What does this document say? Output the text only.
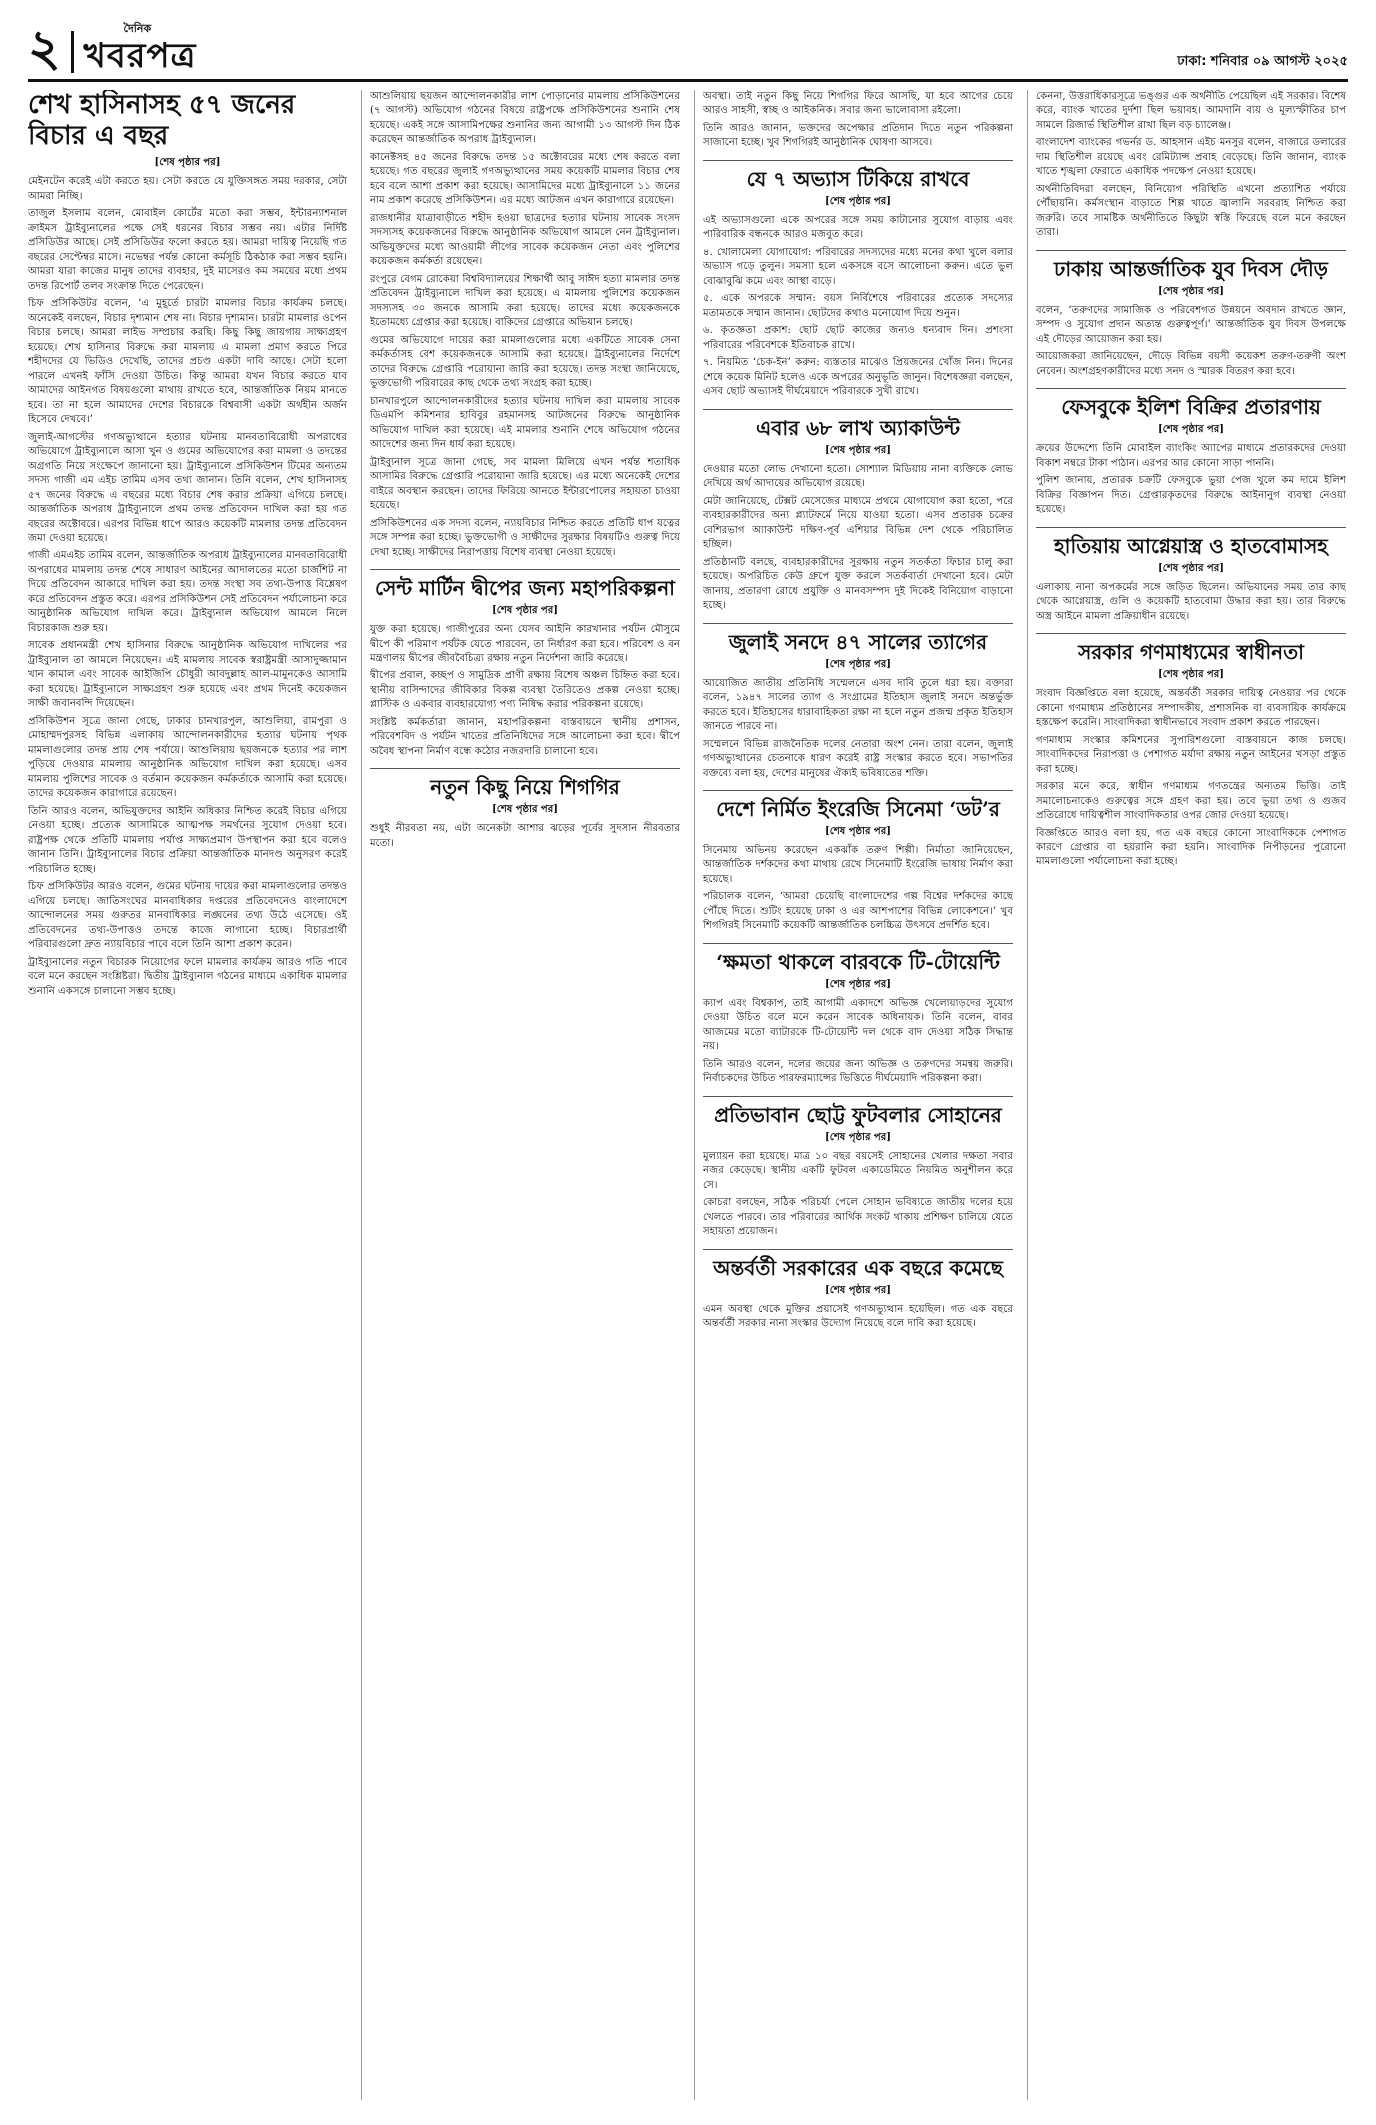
২	দৈনিক
খবরপত্র	ঢাকা: শনিবার ০৯ আগস্ট ২০২৫
শেখ হাসিনাসহ ৫৭ জনের বিচার এ বছর
[শেষ পৃষ্ঠার পর]

মেইনটেন করেই এটা করতে হয়। সেটা করতে যে যুক্তিসঙ্গত সময় দরকার, সেটা আমরা নিচ্ছি।

তাজুল ইসলাম বলেন, মোবাইল কোর্টের মতো করা সম্ভব, ইন্টারন্যাশনাল ক্রাইমস ট্রাইব্যুনালের পক্ষে সেই ধরনের বিচার সম্ভব নয়। এটার নির্দিষ্ট প্রসিডিউর আছে। সেই প্রসিডিউর ফলো করতে হয়। আমরা দায়িত্ব নিয়েছি গত বছরের সেপ্টেম্বর মাসে। নভেম্বর পর্যন্ত কোনো কর্মসূচি ঠিকঠাক করা সম্ভব হয়নি। আমরা যারা কাজের মানুষ তাদের ব্যবহার, দুই মাসেরও কম সময়ের মধ্যে প্রথম তদন্ত রিপোর্ট তলব সংক্রান্ত দিতে পেরেছেন।

চিফ প্রসিকিউটর বলেন, ‘এ মুহূর্তে চারটা মামলার বিচার কার্যক্রম চলছে। অনেকেই বলছেন, বিচার দৃশ্যমান শেষ না। বিচার দৃশ্যমান। চারটা মামলার ওপেন বিচার চলছে। আমরা লাইভ সম্প্রচার করছি। কিছু কিছু জায়গায় সাক্ষ্যগ্রহণ হয়েছে। শেখ হাসিনার বিরুদ্ধে করা মামলায় এ মামলা প্রমাণ করতে পিরে শহীদদের যে ভিডিও দেখেছি, তাদের প্রচণ্ড একটা দাবি আছে। সেটা হলো পারলে এখনই ফাঁসি দেওয়া উচিত। কিন্তু আমরা যখন বিচার করতে যাব আমাদের আইনগত বিষয়গুলো মাথায় রাখতে হবে, আন্তর্জাতিক নিয়ম মানতে হবে। তা না হলে আমাদের দেশের বিচারকে বিশ্ববাসী একটা অর্থহীন অর্জন হিসেবে দেখবে।’

জুলাই-আগস্টের গণঅভ্যুত্থানে হত্যার ঘটনায় মানবতাবিরোধী অপরাধের অভিযোগে ট্রাইব্যুনালে আসা খুন ও গুমের অভিযোগের করা মামলা ও তদন্তের অগ্রগতি নিয়ে সংক্ষেপে জানানো হয়। ট্রাইব্যুনালে প্রসিকিউশন টিমের অন্যতম সদস্য গাজী এম এইচ তামিম এসব তথ্য জানান। তিনি বলেন, শেখ হাসিনাসহ ৫৭ জনের বিরুদ্ধে এ বছরের মধ্যে বিচার শেষ করার প্রক্রিয়া এগিয়ে চলছে। আন্তর্জাতিক অপরাধ ট্রাইব্যুনালে প্রথম তদন্ত প্রতিবেদন দাখিল করা হয় গত বছরের অক্টোবরে। এরপর বিভিন্ন ধাপে আরও কয়েকটি মামলার তদন্ত প্রতিবেদন জমা দেওয়া হয়েছে।

গাজী এমএইচ তামিম বলেন, আন্তর্জাতিক অপরাধ ট্রাইব্যুনালের মানবতাবিরোধী অপরাধের মামলায় তদন্ত শেষে সাধারণ আইনের আদালতের মতো চার্জশিট না দিয়ে প্রতিবেদন আকারে দাখিল করা হয়। তদন্ত সংস্থা সব তথ্য-উপাত্ত বিশ্লেষণ করে প্রতিবেদন প্রস্তুত করে। এরপর প্রসিকিউশন সেই প্রতিবেদন পর্যালোচনা করে আনুষ্ঠানিক অভিযোগ দাখিল করে। ট্রাইব্যুনাল অভিযোগ আমলে নিলে বিচারকাজ শুরু হয়।

সাবেক প্রধানমন্ত্রী শেখ হাসিনার বিরুদ্ধে আনুষ্ঠানিক অভিযোগ দাখিলের পর ট্রাইব্যুনাল তা আমলে নিয়েছেন। এই মামলায় সাবেক স্বরাষ্ট্রমন্ত্রী আসাদুজ্জামান খান কামাল এবং সাবেক আইজিপি চৌধুরী আবদুল্লাহ আল-মামুনকেও আসামি করা হয়েছে। ট্রাইব্যুনালে সাক্ষ্যগ্রহণ শুরু হয়েছে এবং প্রথম দিনেই কয়েকজন সাক্ষী জবানবন্দি দিয়েছেন।

প্রসিকিউশন সূত্রে জানা গেছে, ঢাকার চানখারপুল, আশুলিয়া, রামপুরা ও মোহাম্মদপুরসহ বিভিন্ন এলাকায় আন্দোলনকারীদের হত্যার ঘটনায় পৃথক মামলাগুলোর তদন্ত প্রায় শেষ পর্যায়ে। আশুলিয়ায় ছয়জনকে হত্যার পর লাশ পুড়িয়ে দেওয়ার মামলায় আনুষ্ঠানিক অভিযোগ দাখিল করা হয়েছে। এসব মামলায় পুলিশের সাবেক ও বর্তমান কয়েকজন কর্মকর্তাকে আসামি করা হয়েছে। তাদের কয়েকজন কারাগারে রয়েছেন।

তিনি আরও বলেন, অভিযুক্তদের আইনি অধিকার নিশ্চিত করেই বিচার এগিয়ে নেওয়া হচ্ছে। প্রত্যেক আসামিকে আত্মপক্ষ সমর্থনের সুযোগ দেওয়া হবে। রাষ্ট্রপক্ষ থেকে প্রতিটি মামলায় পর্যাপ্ত সাক্ষ্যপ্রমাণ উপস্থাপন করা হবে বলেও জানান তিনি। ট্রাইব্যুনালের বিচার প্রক্রিয়া আন্তর্জাতিক মানদণ্ড অনুসরণ করেই পরিচালিত হচ্ছে।

চিফ প্রসিকিউটর আরও বলেন, গুমের ঘটনায় দায়ের করা মামলাগুলোর তদন্তও এগিয়ে চলছে। জাতিসংঘের মানবাধিকার দপ্তরের প্রতিবেদনেও বাংলাদেশে আন্দোলনের সময় গুরুতর মানবাধিকার লঙ্ঘনের তথ্য উঠে এসেছে। ওই প্রতিবেদনের তথ্য-উপাত্তও তদন্তে কাজে লাগানো হচ্ছে। বিচারপ্রার্থী পরিবারগুলো দ্রুত ন্যায়বিচার পাবে বলে তিনি আশা প্রকাশ করেন।

ট্রাইব্যুনালের নতুন বিচারক নিয়োগের ফলে মামলার কার্যক্রম আরও গতি পাবে বলে মনে করছেন সংশ্লিষ্টরা। দ্বিতীয় ট্রাইব্যুনাল গঠনের মাধ্যমে একাধিক মামলার শুনানি একসঙ্গে চালানো সম্ভব হচ্ছে।

আশুলিয়ায় ছয়জন আন্দোলনকারীর লাশ পোড়ানোর মামলায় প্রসিকিউশনের (৭ আগস্ট) অভিযোগ গঠনের বিষয়ে রাষ্ট্রপক্ষে প্রসিকিউশনের শুনানি শেষ হয়েছে। একই সঙ্গে আসামিপক্ষের শুনানির জন্য আগামী ১৩ আগস্ট দিন ঠিক করেছেন আন্তর্জাতিক অপরাধ ট্রাইব্যুনাল।

কানেক্টসহ ৪৫ জনের বিরুদ্ধে তদন্ত ১৫ অক্টোবরের মধ্যে শেষ করতে বলা হয়েছে। গত বছরের জুলাই গণঅভ্যুত্থানের সময় কয়েকটি মামলার বিচার শেষ হবে বলে আশা প্রকাশ করা হয়েছে। আসামিদের মধ্যে ট্রাইব্যুনালে ১১ জনের নাম প্রকাশ করেছে প্রসিকিউশন। এর মধ্যে আটজন এখন কারাগারে রয়েছেন।

রাজধানীর যাত্রাবাড়ীতে শহীদ হওয়া ছাত্রদের হত্যার ঘটনায় সাবেক সংসদ সদস্যসহ কয়েকজনের বিরুদ্ধে আনুষ্ঠানিক অভিযোগ আমলে নেন ট্রাইব্যুনাল। অভিযুক্তদের মধ্যে আওয়ামী লীগের সাবেক কয়েকজন নেতা এবং পুলিশের কয়েকজন কর্মকর্তা রয়েছেন।

রংপুরে বেগম রোকেয়া বিশ্ববিদ্যালয়ের শিক্ষার্থী আবু সাঈদ হত্যা মামলার তদন্ত প্রতিবেদন ট্রাইব্যুনালে দাখিল করা হয়েছে। এ মামলায় পুলিশের কয়েকজন সদস্যসহ ৩০ জনকে আসামি করা হয়েছে। তাদের মধ্যে কয়েকজনকে ইতোমধ্যে গ্রেপ্তার করা হয়েছে। বাকিদের গ্রেপ্তারে অভিযান চলছে।

গুমের অভিযোগে দায়ের করা মামলাগুলোর মধ্যে একটিতে সাবেক সেনা কর্মকর্তাসহ বেশ কয়েকজনকে আসামি করা হয়েছে। ট্রাইব্যুনালের নির্দেশে তাদের বিরুদ্ধে গ্রেপ্তারি পরোয়ানা জারি করা হয়েছে। তদন্ত সংস্থা জানিয়েছে, ভুক্তভোগী পরিবারের কাছ থেকে তথ্য সংগ্রহ করা হচ্ছে।

চানখারপুলে আন্দোলনকারীদের হত্যার ঘটনায় দাখিল করা মামলায় সাবেক ডিএমপি কমিশনার হাবিবুর রহমানসহ আটজনের বিরুদ্ধে আনুষ্ঠানিক অভিযোগ দাখিল করা হয়েছে। এই মামলার শুনানি শেষে অভিযোগ গঠনের আদেশের জন্য দিন ধার্য করা হয়েছে।

ট্রাইব্যুনাল সূত্রে জানা গেছে, সব মামলা মিলিয়ে এখন পর্যন্ত শতাধিক আসামির বিরুদ্ধে গ্রেপ্তারি পরোয়ানা জারি হয়েছে। এর মধ্যে অনেকেই দেশের বাইরে অবস্থান করছেন। তাদের ফিরিয়ে আনতে ইন্টারপোলের সহায়তা চাওয়া হয়েছে।

প্রসিকিউশনের এক সদস্য বলেন, ন্যায়বিচার নিশ্চিত করতে প্রতিটি ধাপ যত্নের সঙ্গে সম্পন্ন করা হচ্ছে। ভুক্তভোগী ও সাক্ষীদের সুরক্ষার বিষয়টিও গুরুত্ব দিয়ে দেখা হচ্ছে। সাক্ষীদের নিরাপত্তায় বিশেষ ব্যবস্থা নেওয়া হয়েছে।

সেন্ট মার্টিন দ্বীপের জন্য মহাপরিকল্পনা
[শেষ পৃষ্ঠার পর]

যুক্ত করা হয়েছে। গাজীপুরের অন্য যেসব আইনি কারখানার পর্যটন মৌসুমে দ্বীপে কী পরিমাণ পর্যটক যেতে পারবেন, তা নির্ধারণ করা হবে। পরিবেশ ও বন মন্ত্রণালয় দ্বীপের জীববৈচিত্র্য রক্ষায় নতুন নির্দেশনা জারি করেছে।

দ্বীপের প্রবাল, কচ্ছপ ও সামুদ্রিক প্রাণী রক্ষায় বিশেষ অঞ্চল চিহ্নিত করা হবে। স্থানীয় বাসিন্দাদের জীবিকার বিকল্প ব্যবস্থা তৈরিতেও প্রকল্প নেওয়া হচ্ছে। প্লাস্টিক ও একবার ব্যবহারযোগ্য পণ্য নিষিদ্ধ করার পরিকল্পনা রয়েছে।

সংশ্লিষ্ট কর্মকর্তারা জানান, মহাপরিকল্পনা বাস্তবায়নে স্থানীয় প্রশাসন, পরিবেশবিদ ও পর্যটন খাতের প্রতিনিধিদের সঙ্গে আলোচনা করা হবে। দ্বীপে অবৈধ স্থাপনা নির্মাণ বন্ধে কঠোর নজরদারি চালানো হবে।

নতুন কিছু নিয়ে শিগগির
[শেষ পৃষ্ঠার পর]

শুধুই নীরবতা নয়, এটা অনেকটা আশার ঝড়ের পূর্বের সুদসান নীরবতার মতো।

অবস্থা। তাই নতুন কিছু নিয়ে শিগগির ফিরে আসছি, যা হবে আগের চেয়ে আরও সাহসী, স্বচ্ছ ও আইকনিক। সবার জন্য ভালোবাসা রইলো।

তিনি আরও জানান, ভক্তদের অপেক্ষার প্রতিদান দিতে নতুন পরিকল্পনা সাজানো হচ্ছে। খুব শিগগিরই আনুষ্ঠানিক ঘোষণা আসবে।

যে ৭ অভ্যাস টিকিয়ে রাখবে
[শেষ পৃষ্ঠার পর]

এই অভ্যাসগুলো একে অপরের সঙ্গে সময় কাটানোর সুযোগ বাড়ায় এবং পারিবারিক বন্ধনকে আরও মজবুত করে।

৪. খোলামেলা যোগাযোগ: পরিবারের সদস্যদের মধ্যে মনের কথা খুলে বলার অভ্যাস গড়ে তুলুন। সমস্যা হলে একসঙ্গে বসে আলোচনা করুন। এতে ভুল বোঝাবুঝি কমে এবং আস্থা বাড়ে।

৫. একে অপরকে সম্মান: বয়স নির্বিশেষে পরিবারের প্রত্যেক সদস্যের মতামতকে সম্মান জানান। ছোটদের কথাও মনোযোগ দিয়ে শুনুন।

৬. কৃতজ্ঞতা প্রকাশ: ছোট ছোট কাজের জন্যও ধন্যবাদ দিন। প্রশংসা পরিবারের পরিবেশকে ইতিবাচক রাখে।

৭. নিয়মিত ‘চেক-ইন’ করুন: ব্যস্ততার মাঝেও প্রিয়জনের খোঁজ নিন। দিনের শেষে কয়েক মিনিট হলেও একে অপরের অনুভূতি জানুন। বিশেষজ্ঞরা বলছেন, এসব ছোট অভ্যাসই দীর্ঘমেয়াদে পরিবারকে সুখী রাখে।

এবার ৬৮ লাখ অ্যাকাউন্ট
[শেষ পৃষ্ঠার পর]

দেওয়ার মতো লোভ দেখানো হতো। সোশ্যাল মিডিয়ায় নানা ব্যক্তিকে লোভ দেখিয়ে অর্থ আদায়ের অভিযোগ রয়েছে।

মেটা জানিয়েছে, টেক্সট মেসেজের মাধ্যমে প্রথমে যোগাযোগ করা হতো, পরে ব্যবহারকারীদের অন্য প্ল্যাটফর্মে নিয়ে যাওয়া হতো। এসব প্রতারক চক্রের বেশিরভাগ অ্যাকাউন্ট দক্ষিণ-পূর্ব এশিয়ার বিভিন্ন দেশ থেকে পরিচালিত হচ্ছিল।

প্রতিষ্ঠানটি বলছে, ব্যবহারকারীদের সুরক্ষায় নতুন সতর্কতা ফিচার চালু করা হয়েছে। অপরিচিত কেউ গ্রুপে যুক্ত করলে সতর্কবার্তা দেখানো হবে। মেটা জানায়, প্রতারণা রোধে প্রযুক্তি ও মানবসম্পদ দুই দিকেই বিনিয়োগ বাড়ানো হচ্ছে।

জুলাই সনদে ৪৭ সালের ত্যাগের
[শেষ পৃষ্ঠার পর]

আয়োজিত জাতীয় প্রতিনিধি সম্মেলনে এসব দাবি তুলে ধরা হয়। বক্তারা বলেন, ১৯৪৭ সালের ত্যাগ ও সংগ্রামের ইতিহাস জুলাই সনদে অন্তর্ভুক্ত করতে হবে। ইতিহাসের ধারাবাহিকতা রক্ষা না হলে নতুন প্রজন্ম প্রকৃত ইতিহাস জানতে পারবে না।

সম্মেলনে বিভিন্ন রাজনৈতিক দলের নেতারা অংশ নেন। তারা বলেন, জুলাই গণঅভ্যুত্থানের চেতনাকে ধারণ করেই রাষ্ট্র সংস্কার করতে হবে। সভাপতির বক্তব্যে বলা হয়, দেশের মানুষের ঐক্যই ভবিষ্যতের শক্তি।

দেশে নির্মিত ইংরেজি সিনেমা ‘ডট’র
[শেষ পৃষ্ঠার পর]

সিনেমায় অভিনয় করেছেন একঝাঁক তরুণ শিল্পী। নির্মাতা জানিয়েছেন, আন্তর্জাতিক দর্শকদের কথা মাথায় রেখে সিনেমাটি ইংরেজি ভাষায় নির্মাণ করা হয়েছে।

পরিচালক বলেন, ‘আমরা চেয়েছি বাংলাদেশের গল্প বিশ্বের দর্শকদের কাছে পৌঁছে দিতে। শুটিং হয়েছে ঢাকা ও এর আশপাশের বিভিন্ন লোকেশনে।’ খুব শিগগিরই সিনেমাটি কয়েকটি আন্তর্জাতিক চলচ্চিত্র উৎসবে প্রদর্শিত হবে।

‘ক্ষমতা থাকলে বারবকে টি-টোয়েন্টি
[শেষ পৃষ্ঠার পর]

ক্যাপ এবং বিশ্বকাপ, তাই আগামী একাদশে অভিজ্ঞ খেলোয়াড়দের সুযোগ দেওয়া উচিত বলে মনে করেন সাবেক অধিনায়ক। তিনি বলেন, বাবর আজমের মতো ব্যাটারকে টি-টোয়েন্টি দল থেকে বাদ দেওয়া সঠিক সিদ্ধান্ত নয়।

তিনি আরও বলেন, দলের জয়ের জন্য অভিজ্ঞ ও তরুণদের সমন্বয় জরুরি। নির্বাচকদের উচিত পারফরম্যান্সের ভিত্তিতে দীর্ঘমেয়াদি পরিকল্পনা করা।

প্রতিভাবান ছোট্ট ফুটবলার সোহানের
[শেষ পৃষ্ঠার পর]

মুল্যায়ন করা হয়েছে। মাত্র ১০ বছর বয়সেই সোহানের খেলার দক্ষতা সবার নজর কেড়েছে। স্থানীয় একটি ফুটবল একাডেমিতে নিয়মিত অনুশীলন করে সে।

কোচরা বলছেন, সঠিক পরিচর্যা পেলে সোহান ভবিষ্যতে জাতীয় দলের হয়ে খেলতে পারবে। তার পরিবারের আর্থিক সংকট থাকায় প্রশিক্ষণ চালিয়ে যেতে সহায়তা প্রয়োজন।

অন্তর্বর্তী সরকারের এক বছরে কমেছে
[শেষ পৃষ্ঠার পর]

এমন অবস্থা থেকে মুক্তির প্রয়াসেই গণঅভ্যুত্থান হয়েছিল। গত এক বছরে অন্তর্বর্তী সরকার নানা সংস্কার উদ্যোগ নিয়েছে বলে দাবি করা হয়েছে।

কেননা, উত্তরাধিকারসূত্রে ভঙ্গুর এক অর্থনীতি পেয়েছিল এই সরকার। বিশেষ করে, ব্যাংক খাতের দুর্দশা ছিল ভয়াবহ। আমদানি ব্যয় ও মূল্যস্ফীতির চাপ সামলে রিজার্ভ স্থিতিশীল রাখা ছিল বড় চ্যালেঞ্জ।

বাংলাদেশ ব্যাংকের গভর্নর ড. আহসান এইচ মনসুর বলেন, বাজারে ডলারের দাম স্থিতিশীল রয়েছে এবং রেমিট্যান্স প্রবাহ বেড়েছে। তিনি জানান, ব্যাংক খাতে শৃঙ্খলা ফেরাতে একাধিক পদক্ষেপ নেওয়া হয়েছে।

অর্থনীতিবিদরা বলছেন, বিনিয়োগ পরিস্থিতি এখনো প্রত্যাশিত পর্যায়ে পৌঁছায়নি। কর্মসংস্থান বাড়াতে শিল্প খাতে জ্বালানি সরবরাহ নিশ্চিত করা জরুরি। তবে সামষ্টিক অর্থনীতিতে কিছুটা স্বস্তি ফিরেছে বলে মনে করছেন তারা।

ঢাকায় আন্তর্জাতিক যুব দিবস দৌড়
[শেষ পৃষ্ঠার পর]

বলেন, ‘তরুণদের সামাজিক ও পরিবেশগত উন্নয়নে অবদান রাখতে জ্ঞান, সম্পদ ও সুযোগ প্রদান অত্যন্ত গুরুত্বপূর্ণ।’ আন্তর্জাতিক যুব দিবস উপলক্ষে এই দৌড়ের আয়োজন করা হয়।

আয়োজকরা জানিয়েছেন, দৌড়ে বিভিন্ন বয়সী কয়েকশ তরুণ-তরুণী অংশ নেবেন। অংশগ্রহণকারীদের মধ্যে সনদ ও স্মারক বিতরণ করা হবে।

ফেসবুকে ইলিশ বিক্রির প্রতারণায়
[শেষ পৃষ্ঠার পর]

ক্রয়ের উদ্দেশ্যে তিনি মোবাইল ব্যাংকিং অ্যাপের মাধ্যমে প্রতারকদের দেওয়া বিকাশ নম্বরে টাকা পাঠান। এরপর আর কোনো সাড়া পাননি।

পুলিশ জানায়, প্রতারক চক্রটি ফেসবুকে ভুয়া পেজ খুলে কম দামে ইলিশ বিক্রির বিজ্ঞাপন দিত। গ্রেপ্তারকৃতদের বিরুদ্ধে আইনানুগ ব্যবস্থা নেওয়া হয়েছে।

হাতিয়ায় আগ্নেয়াস্ত্র ও হাতবোমাসহ
[শেষ পৃষ্ঠার পর]

এলাকায় নানা অপকর্মের সঙ্গে জড়িত ছিলেন। অভিযানের সময় তার কাছ থেকে আগ্নেয়াস্ত্র, গুলি ও কয়েকটি হাতবোমা উদ্ধার করা হয়। তার বিরুদ্ধে অস্ত্র আইনে মামলা প্রক্রিয়াধীন রয়েছে।

সরকার গণমাধ্যমের স্বাধীনতা
[শেষ পৃষ্ঠার পর]

সংবাদ বিজ্ঞপ্তিতে বলা হয়েছে, অন্তর্বর্তী সরকার দায়িত্ব নেওয়ার পর থেকে কোনো গণমাধ্যম প্রতিষ্ঠানের সম্পাদকীয়, প্রশাসনিক বা ব্যবসায়িক কার্যক্রমে হস্তক্ষেপ করেনি। সাংবাদিকরা স্বাধীনভাবে সংবাদ প্রকাশ করতে পারছেন।

গণমাধ্যম সংস্কার কমিশনের সুপারিশগুলো বাস্তবায়নে কাজ চলছে। সাংবাদিকদের নিরাপত্তা ও পেশাগত মর্যাদা রক্ষায় নতুন আইনের খসড়া প্রস্তুত করা হচ্ছে।

সরকার মনে করে, স্বাধীন গণমাধ্যম গণতন্ত্রের অন্যতম ভিত্তি। তাই সমালোচনাকেও গুরুত্বের সঙ্গে গ্রহণ করা হয়। তবে ভুয়া তথ্য ও গুজব প্রতিরোধে দায়িত্বশীল সাংবাদিকতার ওপর জোর দেওয়া হয়েছে।

বিজ্ঞপ্তিতে আরও বলা হয়, গত এক বছরে কোনো সাংবাদিককে পেশাগত কারণে গ্রেপ্তার বা হয়রানি করা হয়নি। সাংবাদিক নিপীড়নের পুরোনো মামলাগুলো পর্যালোচনা করা হচ্ছে।
